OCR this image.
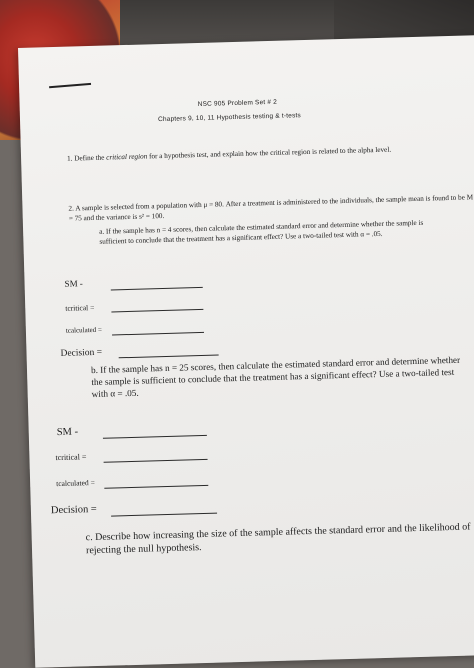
NSC 905 Problem Set # 2
Chapters 9, 10, 11 Hypothesis testing & t-tests
1. Define the critical region for a hypothesis test, and explain how the critical region is related to the alpha level.
2. A sample is selected from a population with μ = 80. After a treatment is administered to the individuals, the sample mean is found to be M = 75 and the variance is s² = 100.
a. If the sample has n = 4 scores, then calculate the estimated standard error and determine whether the sample is sufficient to conclude that the treatment has a significant effect? Use a two-tailed test with α = .05.
SM -
tcritical =
tcalculated =
Decision =
b. If the sample has n = 25 scores, then calculate the estimated standard error and determine whether the sample is sufficient to conclude that the treatment has a significant effect? Use a two-tailed test with α = .05.
SM -
tcritical =
tcalculated =
Decision =
c. Describe how increasing the size of the sample affects the standard error and the likelihood of rejecting the null hypothesis.
